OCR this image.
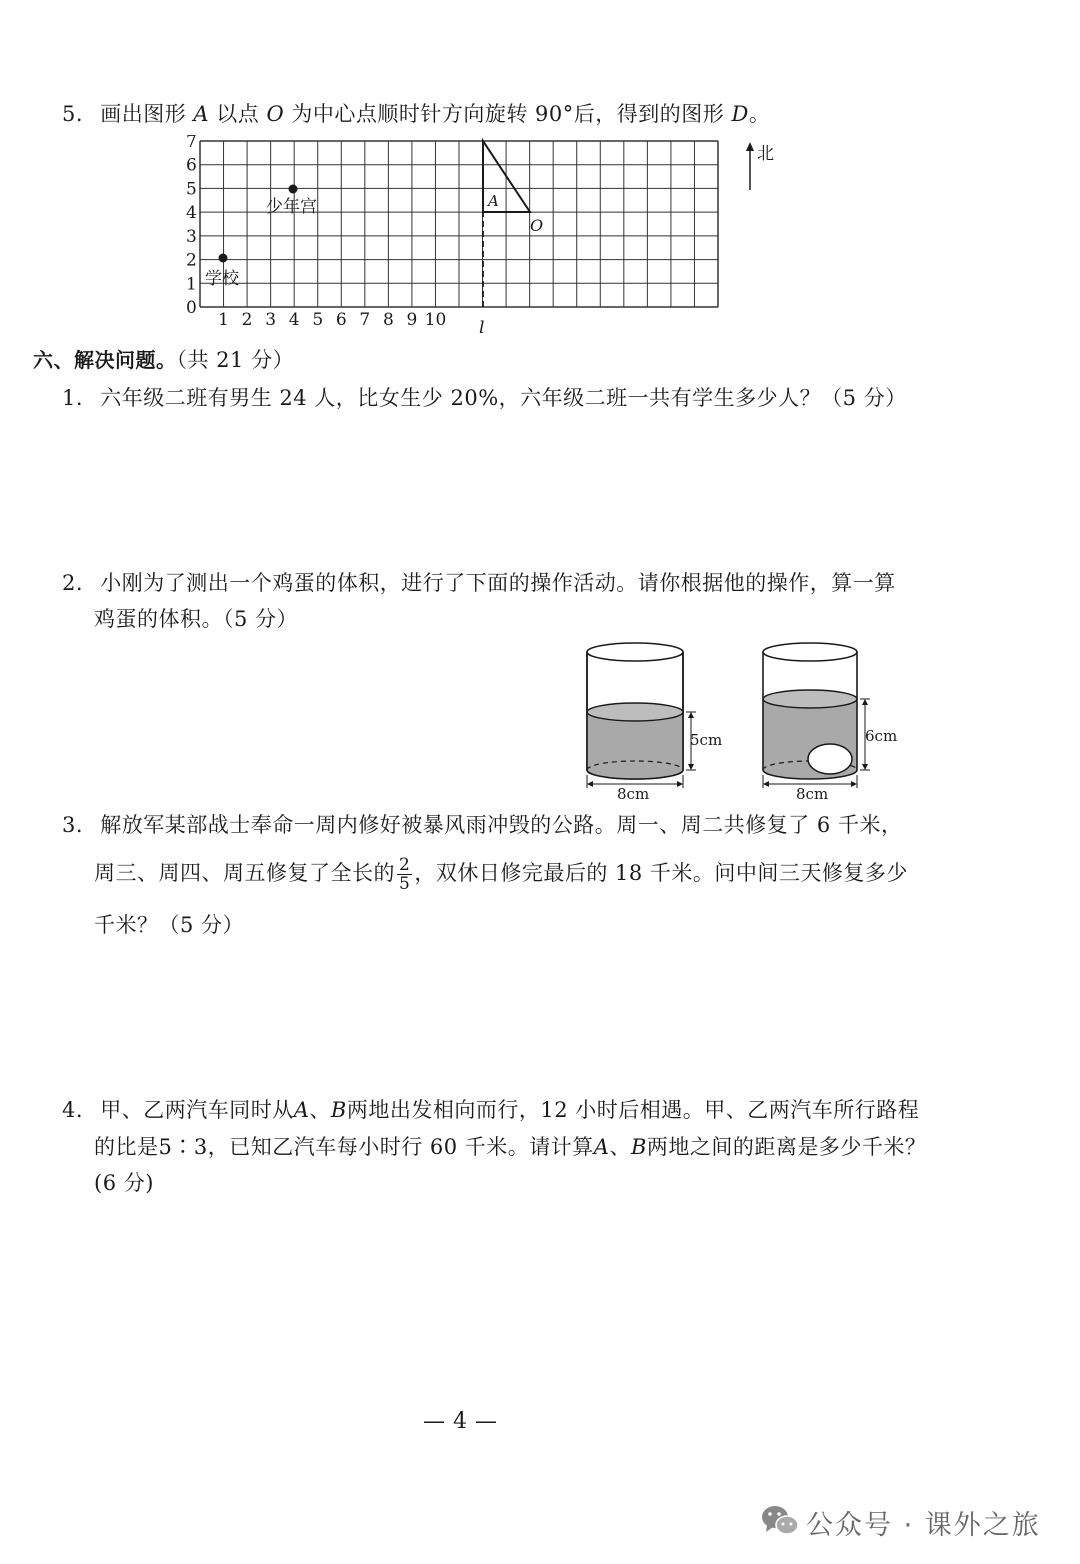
5. 画出图形 A 以点 O 为中心点顺时针方向旋转 90°后，得到的图形 D。
0
1
2
3
4
5
6
7
1 2 3 4 5 6 7 8 9 10 l
A
O
学校
少年宫
北
六、解决问题。（共 21 分）
1. 六年级二班有男生 24 人，比女生少 20%，六年级二班一共有学生多少人？（5 分）
2. 小刚为了测出一个鸡蛋的体积，进行了下面的操作活动。请你根据他的操作，算一算
鸡蛋的体积。（5 分）
5cm
8cm
6cm
8cm
3. 解放军某部战士奉命一周内修好被暴风雨冲毁的公路。周一、周二共修复了 6 千米，
周三、周四、周五修复了全长的 $\frac{2}{5}$ ，双休日修完最后的 18 千米。问中间三天修复多少
千米？（5 分）
4. 甲、乙两汽车同时从A、B两地出发相向而行，12 小时后相遇。甲、乙两汽车所行路程
的比是5∶3，已知乙汽车每小时行 60 千米。请计算A、B两地之间的距离是多少千米？
(6 分)
— 4 —
公众号 · 课外之旅
